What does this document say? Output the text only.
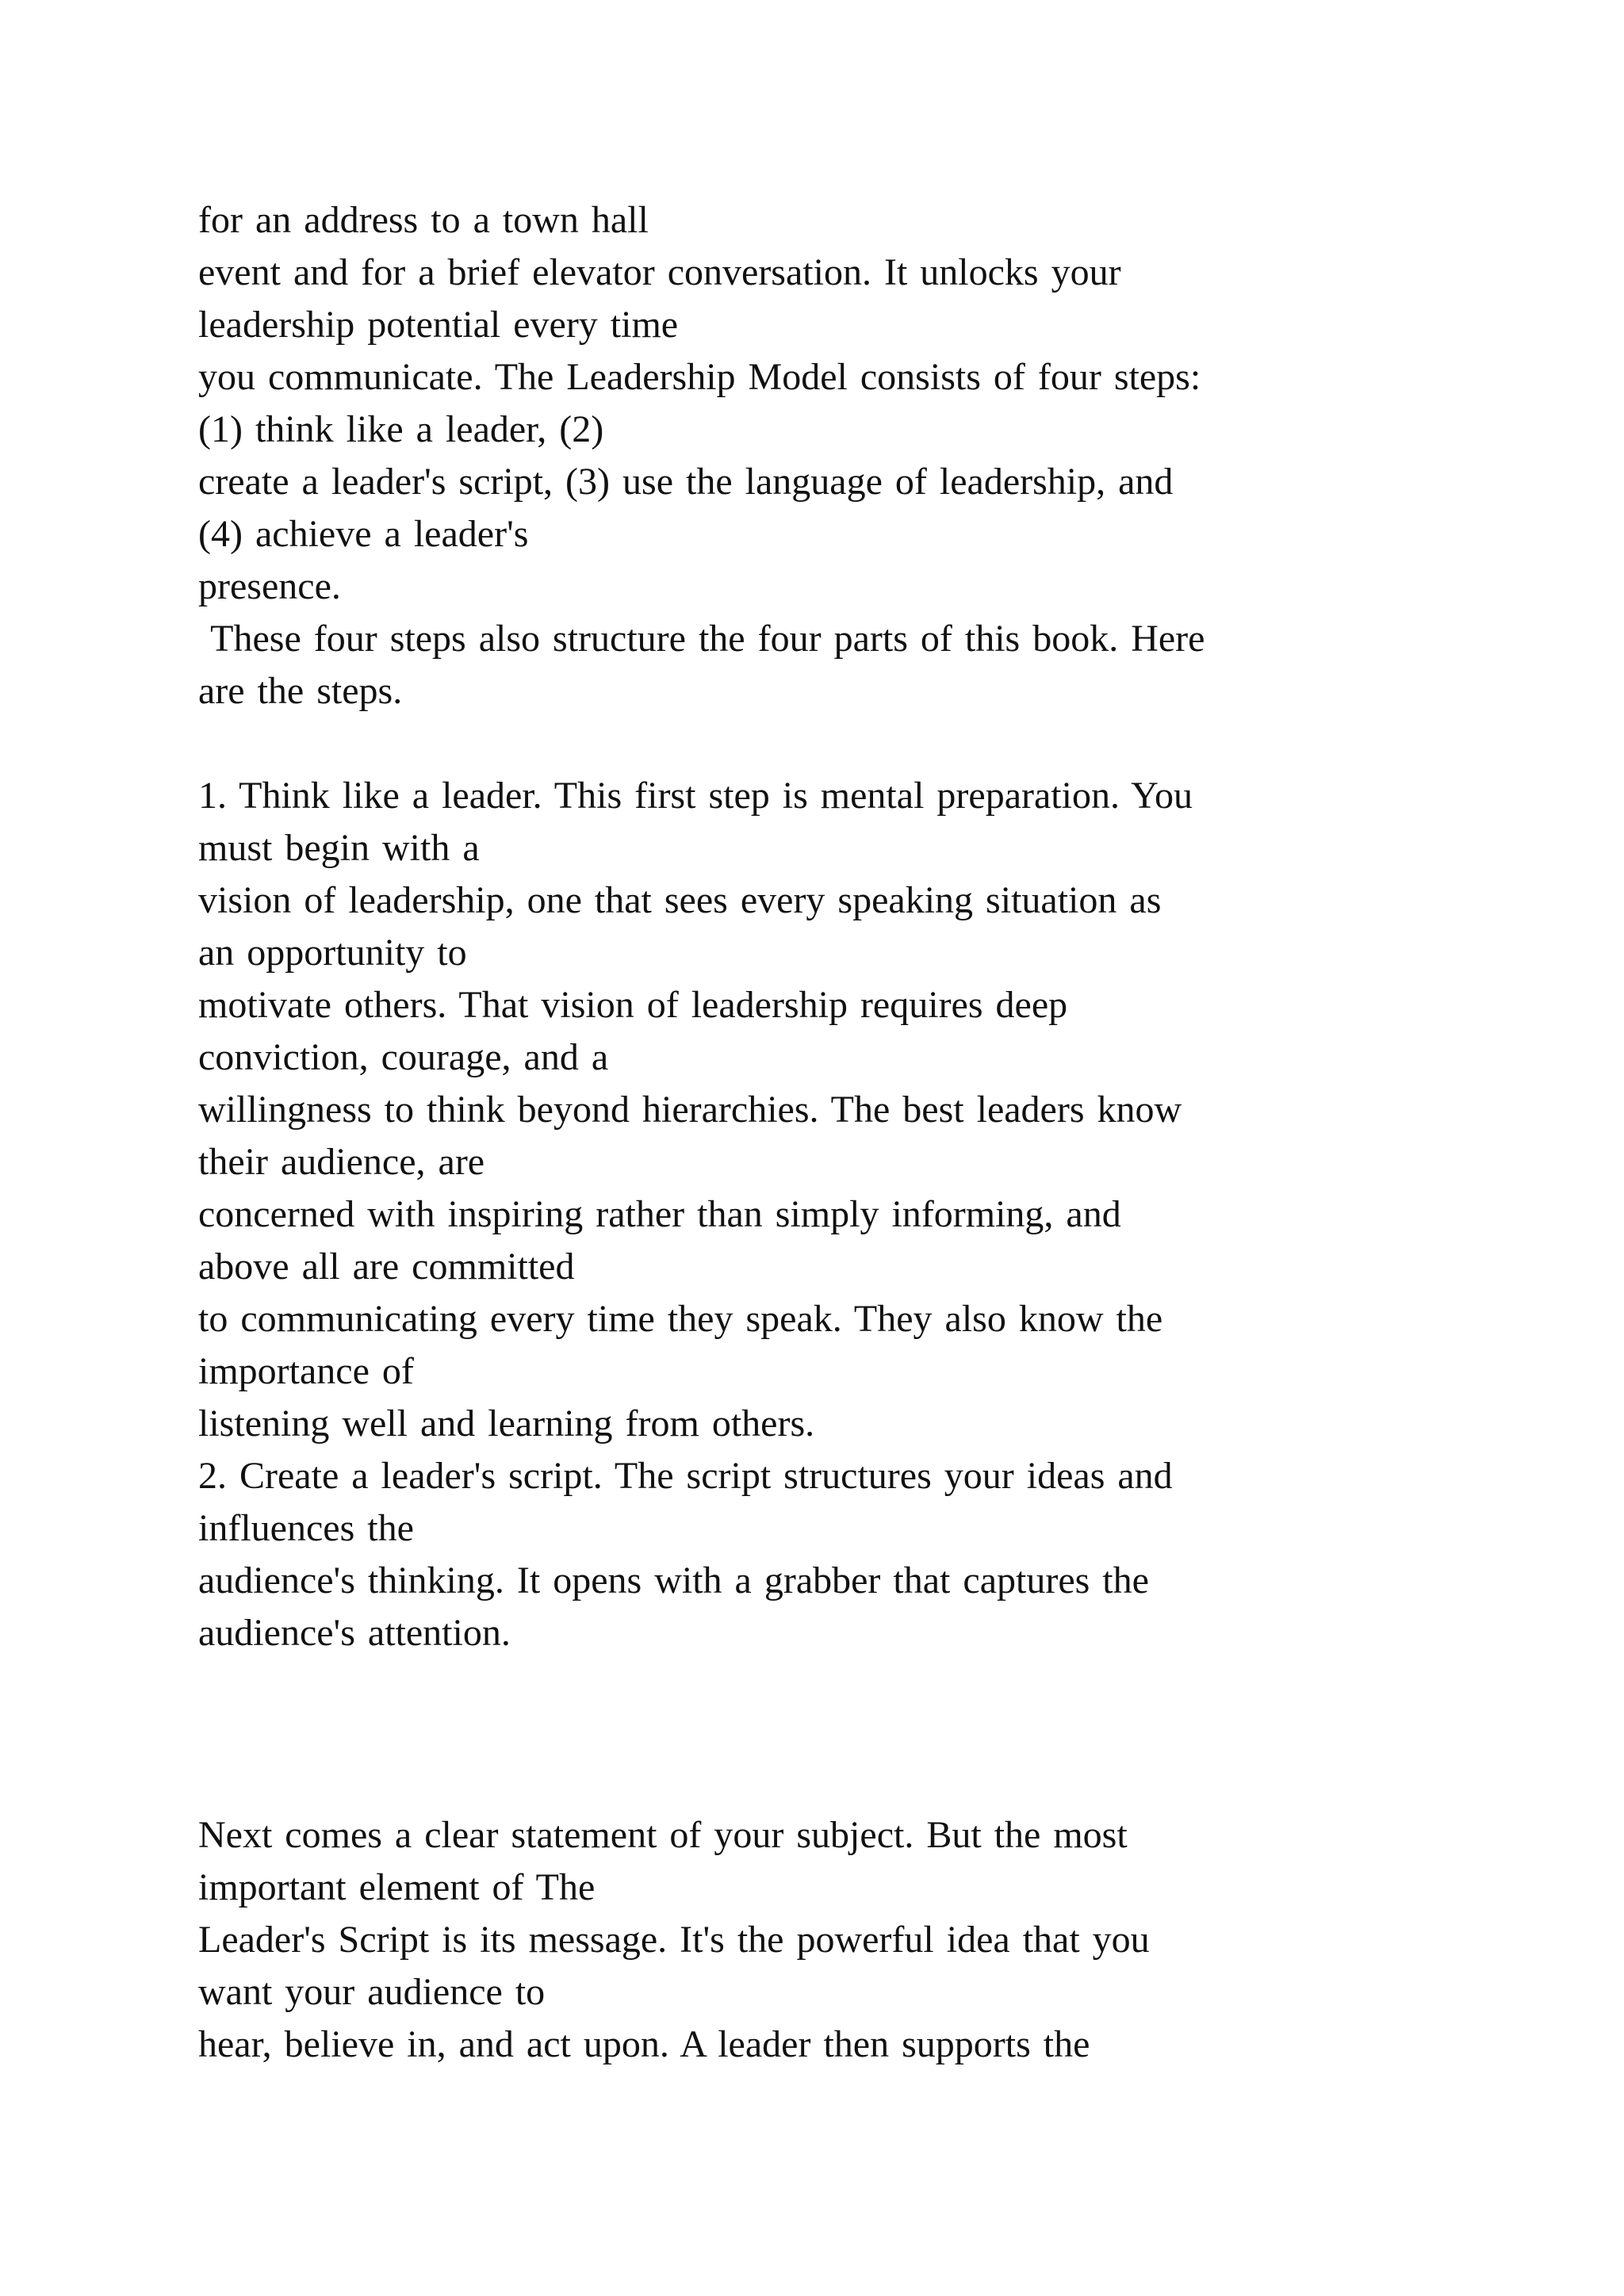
for an address to a town hall
event and for a brief elevator conversation. It unlocks your
leadership potential every time
you communicate. The Leadership Model consists of four steps:
(1) think like a leader, (2)
create a leader's script, (3) use the language of leadership, and
(4) achieve a leader's
presence.
These four steps also structure the four parts of this book. Here
are the steps.
1. Think like a leader. This first step is mental preparation. You
must begin with a
vision of leadership, one that sees every speaking situation as
an opportunity to
motivate others. That vision of leadership requires deep
conviction, courage, and a
willingness to think beyond hierarchies. The best leaders know
their audience, are
concerned with inspiring rather than simply informing, and
above all are committed
to communicating every time they speak. They also know the
importance of
listening well and learning from others.
2. Create a leader's script. The script structures your ideas and
influences the
audience's thinking. It opens with a grabber that captures the
audience's attention.
Next comes a clear statement of your subject. But the most
important element of The
Leader's Script is its message. It's the powerful idea that you
want your audience to
hear, believe in, and act upon. A leader then supports the
